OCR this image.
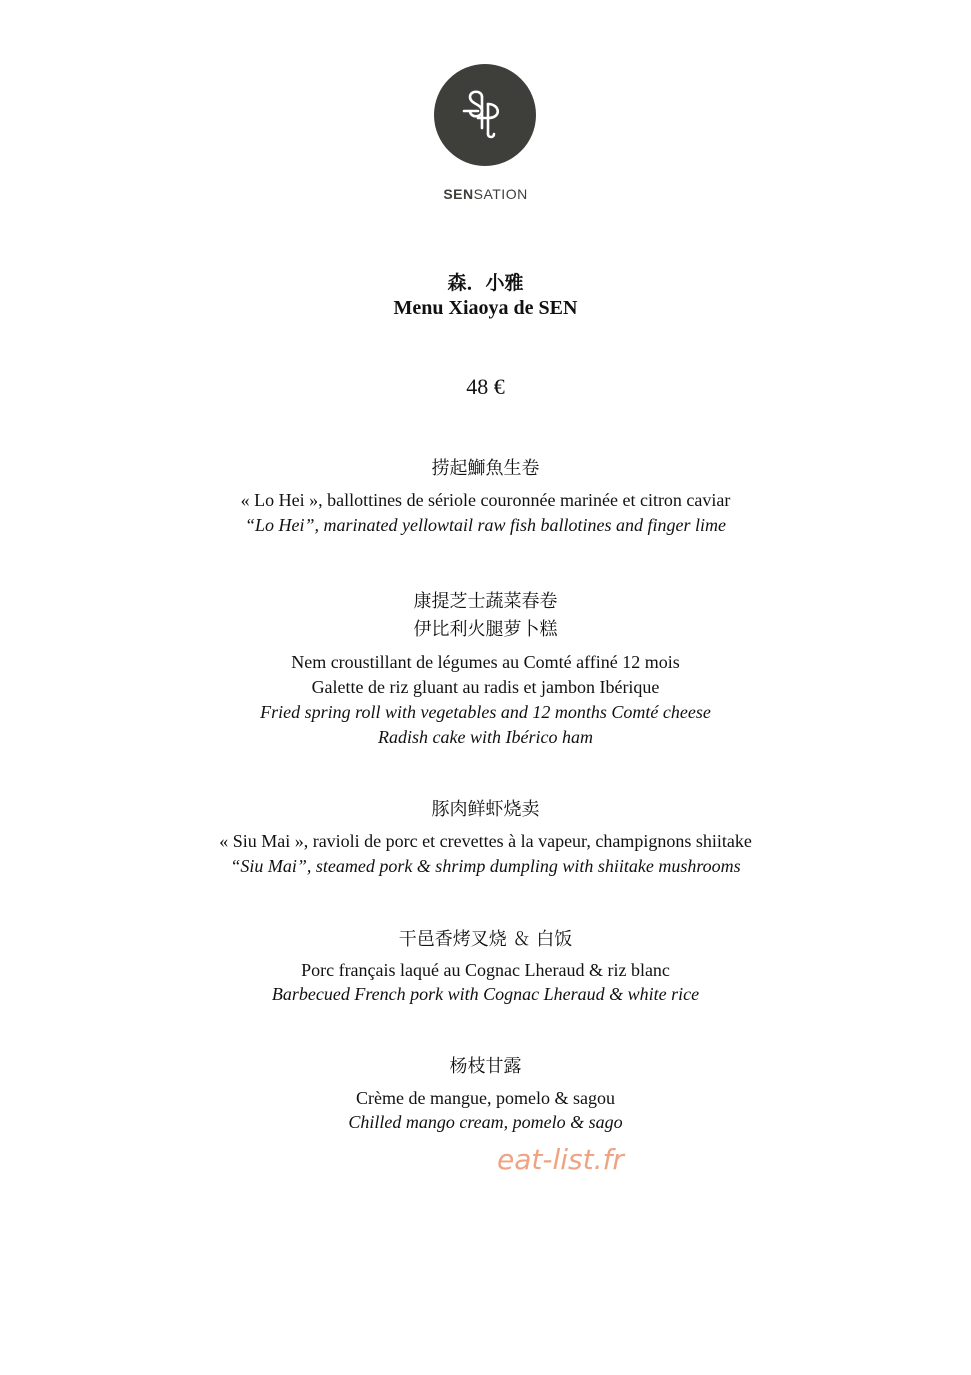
SENSATION
森．小雅
Menu Xiaoya de SEN
48 €
捞起鰤魚生卷
« Lo Hei », ballottines de sériole couronnée marinée et citron caviar
“Lo Hei”, marinated yellowtail raw fish ballotines and finger lime
康提芝士蔬菜春卷
伊比利火腿萝卜糕
Nem croustillant de légumes au Comté affiné 12 mois
Galette de riz gluant au radis et jambon Ibérique
Fried spring roll with vegetables and 12 months Comté cheese
Radish cake with Ibérico ham
豚肉鲜虾烧卖
« Siu Mai », ravioli de porc et crevettes à la vapeur, champignons shiitake
“Siu Mai”, steamed pork & shrimp dumpling with shiitake mushrooms
干邑香烤叉烧 ＆ 白饭
Porc français laqué au Cognac Lheraud & riz blanc
Barbecued French pork with Cognac Lheraud & white rice
杨枝甘露
Crème de mangue, pomelo & sagou
Chilled mango cream, pomelo & sago
eat-list.fr
